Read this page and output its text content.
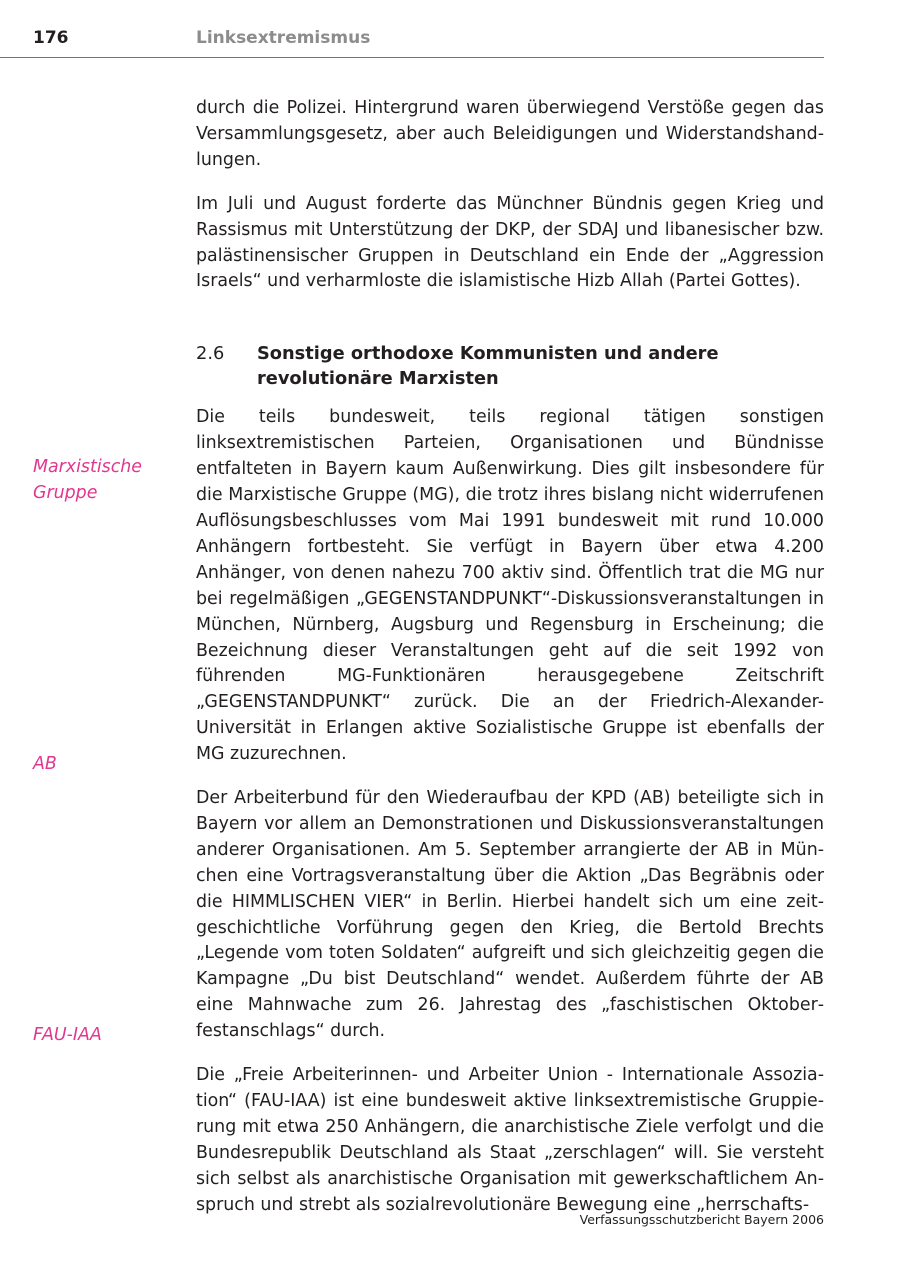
176	Linksextremismus
Marxistische Gruppe
AB
FAU-IAA

durch die Polizei. Hintergrund waren überwiegend Verstöße gegen das Versammlungsgesetz, aber auch Beleidigungen und Widerstandshandlungen.

Im Juli und August forderte das Münchner Bündnis gegen Krieg und Rassismus mit Unterstützung der DKP, der SDAJ und libanesischer bzw. palästinensischer Gruppen in Deutschland ein Ende der „Aggression Israels“ und verharmloste die islamistische Hizb Allah (Partei Gottes).

2.6 Sonstige orthodoxe Kommunisten und andere revolutionäre Marxisten

Die teils bundesweit, teils regional tätigen sonstigen linksextremistischen Parteien, Organisationen und Bündnisse entfalteten in Bayern kaum Außenwirkung. Dies gilt insbesondere für die Marxistische Gruppe (MG), die trotz ihres bislang nicht widerrufenen Auflösungsbeschlusses vom Mai 1991 bundesweit mit rund 10.000 Anhängern fortbesteht. Sie verfügt in Bayern über etwa 4.200 Anhänger, von denen nahezu 700 aktiv sind. Öffentlich trat die MG nur bei regelmäßigen „GEGENSTANDPUNKT“-Diskussionsveranstaltungen in München, Nürnberg, Augsburg und Regensburg in Erscheinung; die Bezeichnung dieser Veranstaltungen geht auf die seit 1992 von führenden MG-Funktionären herausgegebene Zeitschrift „GEGENSTANDPUNKT“ zurück. Die an der Friedrich-Alexander-Universität in Erlangen aktive Sozialistische Gruppe ist ebenfalls der MG zuzurechnen.

Der Arbeiterbund für den Wiederaufbau der KPD (AB) beteiligte sich in Bayern vor allem an Demonstrationen und Diskussionsveranstaltungen anderer Organisationen. Am 5. September arrangierte der AB in München eine Vortragsveranstaltung über die Aktion „Das Begräbnis oder die HIMMLISCHEN VIER“ in Berlin. Hierbei handelt sich um eine zeitgeschichtliche Vorführung gegen den Krieg, die Bertold Brechts „Legende vom toten Soldaten“ aufgreift und sich gleichzeitig gegen die Kampagne „Du bist Deutschland“ wendet. Außerdem führte der AB eine Mahnwache zum 26. Jahrestag des „faschistischen Oktoberfestanschlags“ durch.

Die „Freie Arbeiterinnen- und Arbeiter Union - Internationale Assoziation“ (FAU-IAA) ist eine bundesweit aktive linksextremistische Gruppierung mit etwa 250 Anhängern, die anarchistische Ziele verfolgt und die Bundesrepublik Deutschland als Staat „zerschlagen“ will. Sie versteht sich selbst als anarchistische Organisation mit gewerkschaftlichem Anspruch und strebt als sozialrevolutionäre Bewegung eine „herrschafts-

Verfassungsschutzbericht Bayern 2006
